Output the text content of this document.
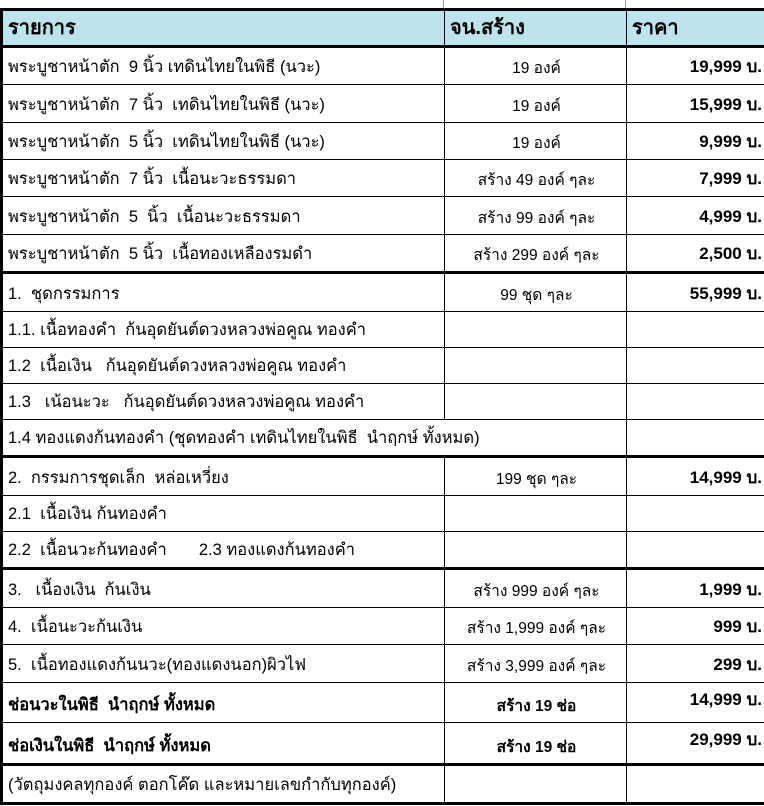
รายการ	จน.สร้าง	ราคา
พระบูชาหน้าตัก  9 นิ้ว เทดินไทยในพิธี (นวะ)	19 องค์	19,999 บ.
พระบูชาหน้าตัก  7 นิ้ว  เทดินไทยในพิธี (นวะ)	19 องค์	15,999 บ.
พระบูชาหน้าตัก  5 นิ้ว  เทดินไทยในพิธี (นวะ)	19 องค์	9,999 บ.
พระบูชาหน้าตัก  7 นิ้ว  เนื้อนะวะธรรมดา	สร้าง 49 องค์ ๆละ	7,999 บ.
พระบูชาหน้าตัก  5  นิ้ว  เนื้อนะวะธรรมดา	สร้าง 99 องค์ ๆละ	4,999 บ.
พระบูชาหน้าตัก  5 นิ้ว  เนื้อทองเหลืองรมดำ	สร้าง 299 องค์ ๆละ	2,500 บ.
1.  ชุดกรรมการ	99 ชุด ๆละ	55,999 บ.
1.1. เนื้อทองคำ  ก้นอุดยันต์ดวงหลวงพ่อคูณ ทองคำ		
1.2  เนื้อเงิน   ก้นอุดยันต์ดวงหลวงพ่อคูณ ทองคำ		
1.3   เน้อนะวะ   ก้นอุดยันต์ดวงหลวงพ่อคูณ ทองคำ		
1.4 ทองแดงก้นทองคำ (ชุดทองคำ เทดินไทยในพิธี  นำฤกษ์ ทั้งหมด)		
2.  กรรมการชุดเล็ก  หล่อเหวี่ยง	199 ชุด ๆละ	14,999 บ.
2.1  เนื้อเงิน ก้นทองคำ		
2.2  เนื้อนวะก้นทองคำ       2.3 ทองแดงก้นทองคำ		
3.   เนื้องเงิน  ก้นเงิน	สร้าง 999 องค์ ๆละ	1,999 บ.
4.  เนื้อนะวะก้นเงิน	สร้าง 1,999 องค์ ๆละ	999 บ.
5.  เนื้อทองแดงก้นนวะ(ทองแดงนอก)ผิวไฟ	สร้าง 3,999 องค์ ๆละ	299 บ.
ช่อนวะในพิธี  นำฤกษ์ ทั้งหมด	สร้าง 19 ช่อ	14,999 บ.
ช่อเงินในพิธี  นำฤกษ์ ทั้งหมด	สร้าง 19 ช่อ	29,999 บ.
(วัตถุมงคลทุกองค์ ตอกโค๊ด และหมายเลขกำกับทุกองค์)		
